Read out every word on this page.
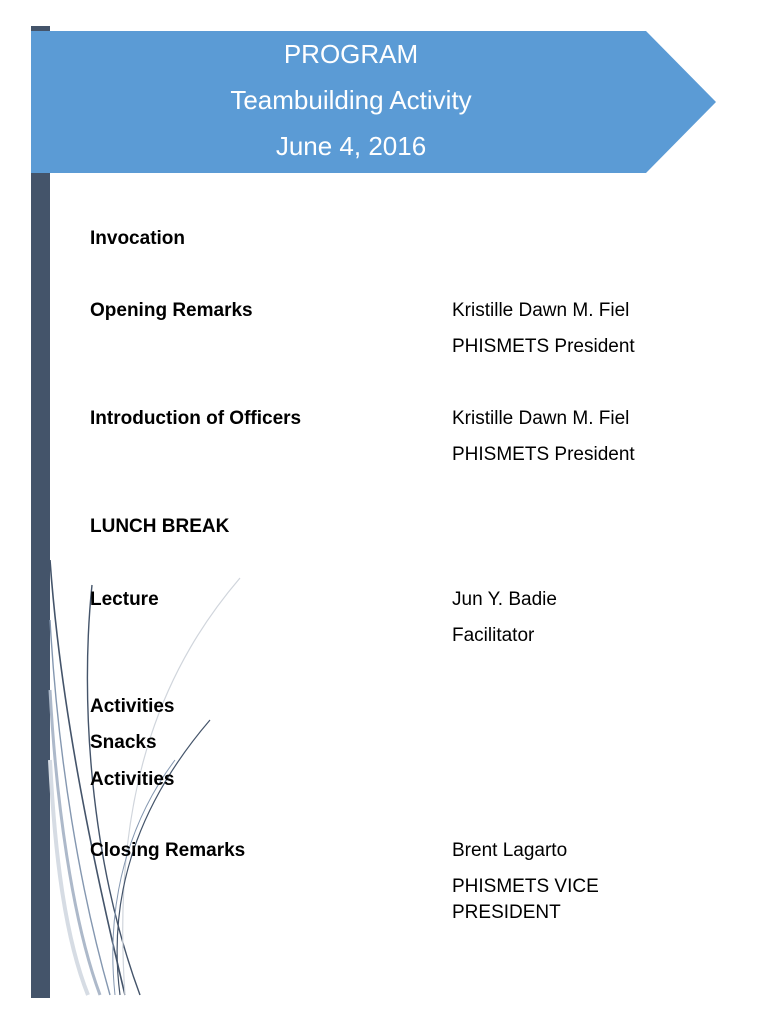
PROGRAM
Teambuilding Activity
June 4, 2016
Invocation
Opening Remarks	Kristille Dawn M. Fiel
PHISMETS President
Introduction of Officers	Kristille Dawn M. Fiel
PHISMETS President
LUNCH BREAK
Lecture	Jun Y. Badie
Facilitator
Activities
Snacks
Activities
Closing Remarks	Brent Lagarto
PHISMETS VICE PRESIDENT
